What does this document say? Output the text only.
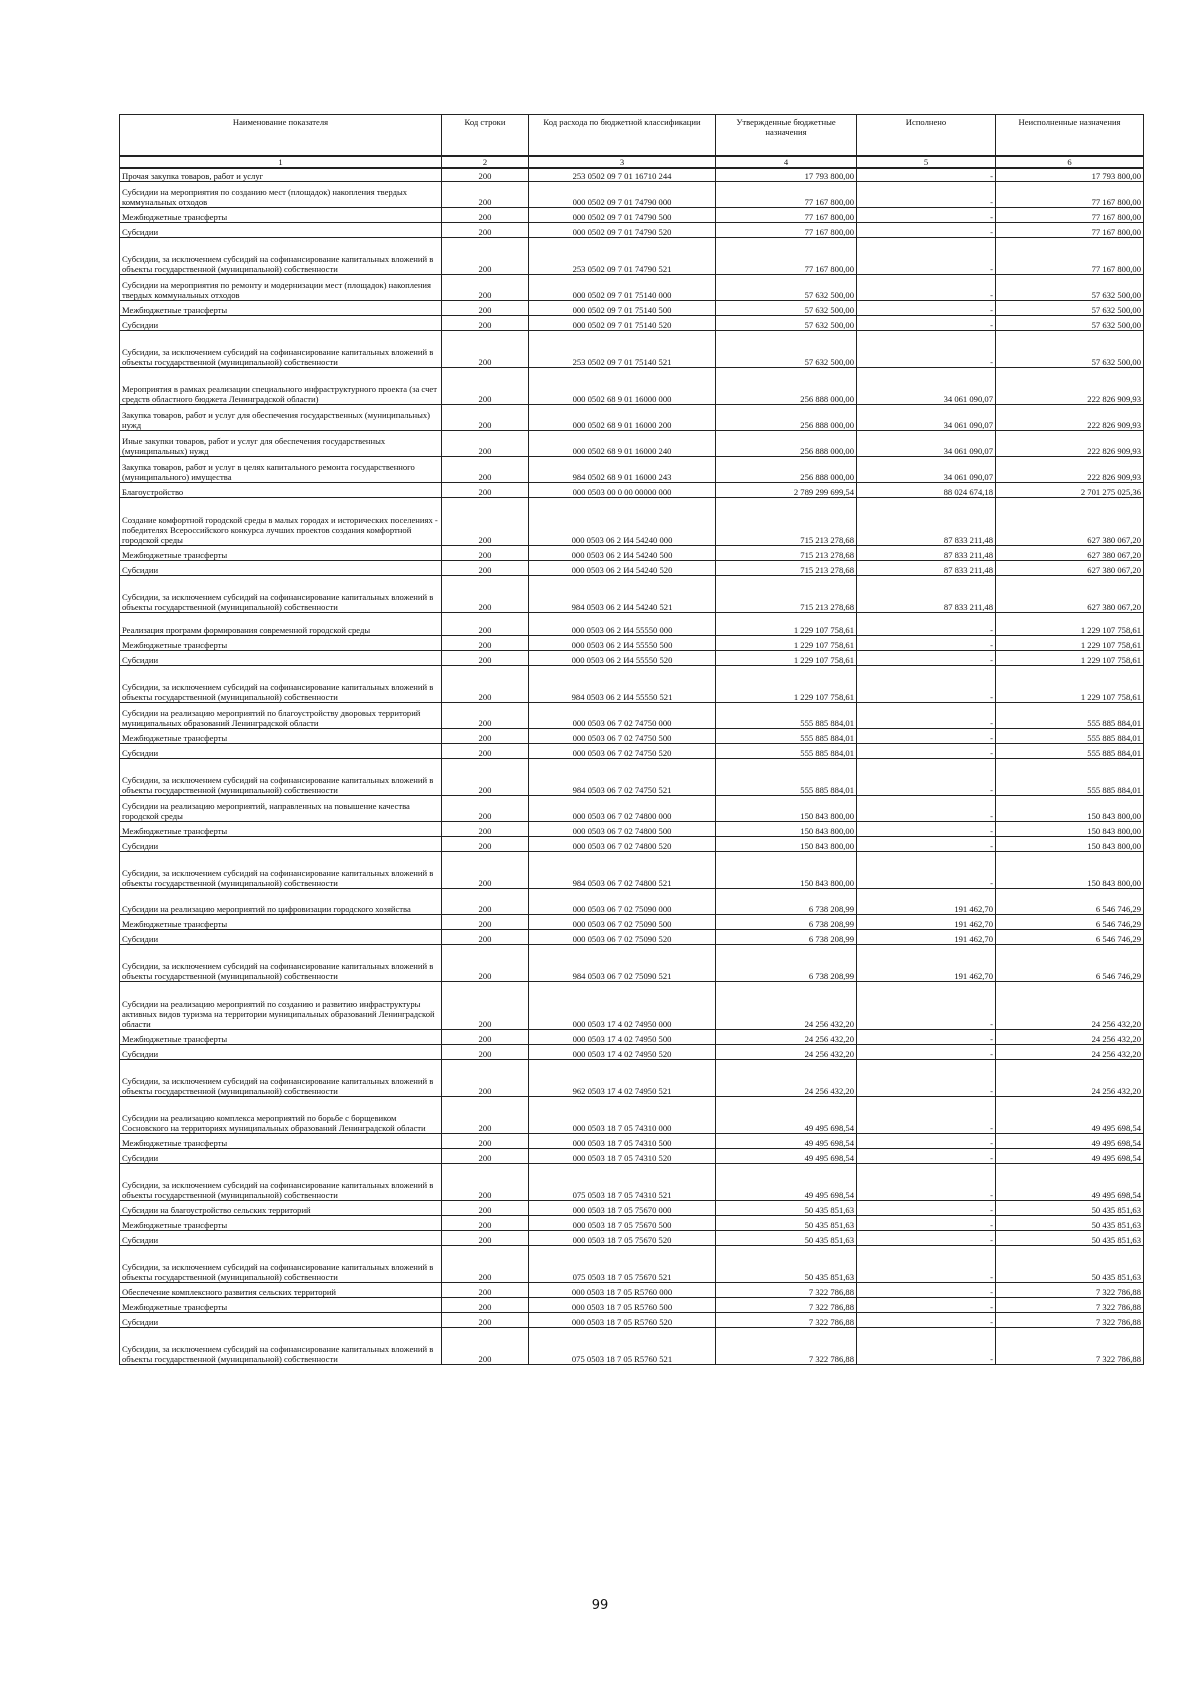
Наименование показателя	Код строки	Код расхода по бюджетной классификации	Утвержденные бюджетные назначения	Исполнено	Неисполненные назначения
1	2	3	4	5	6
Прочая закупка товаров, работ и услуг	200	253 0502 09 7 01 16710 244	17 793 800,00	-	17 793 800,00
Субсидии на мероприятия по созданию мест (площадок) накопления твердых коммунальных отходов	200	000 0502 09 7 01 74790 000	77 167 800,00	-	77 167 800,00
Межбюджетные трансферты	200	000 0502 09 7 01 74790 500	77 167 800,00	-	77 167 800,00
Субсидии	200	000 0502 09 7 01 74790 520	77 167 800,00	-	77 167 800,00
Субсидии, за исключением субсидий на софинансирование капитальных вложений в объекты государственной (муниципальной) собственности	200	253 0502 09 7 01 74790 521	77 167 800,00	-	77 167 800,00
Субсидии на мероприятия по ремонту и модернизации мест (площадок) накопления твердых коммунальных отходов	200	000 0502 09 7 01 75140 000	57 632 500,00	-	57 632 500,00
Межбюджетные трансферты	200	000 0502 09 7 01 75140 500	57 632 500,00	-	57 632 500,00
Субсидии	200	000 0502 09 7 01 75140 520	57 632 500,00	-	57 632 500,00
Субсидии, за исключением субсидий на софинансирование капитальных вложений в объекты государственной (муниципальной) собственности	200	253 0502 09 7 01 75140 521	57 632 500,00	-	57 632 500,00
Мероприятия в рамках реализации специального инфраструктурного проекта (за счет средств областного бюджета Ленинградской области)	200	000 0502 68 9 01 16000 000	256 888 000,00	34 061 090,07	222 826 909,93
Закупка товаров, работ и услуг для обеспечения государственных (муниципальных) нужд	200	000 0502 68 9 01 16000 200	256 888 000,00	34 061 090,07	222 826 909,93
Иные закупки товаров, работ и услуг для обеспечения государственных (муниципальных) нужд	200	000 0502 68 9 01 16000 240	256 888 000,00	34 061 090,07	222 826 909,93
Закупка товаров, работ и услуг в целях капитального ремонта государственного (муниципального) имущества	200	984 0502 68 9 01 16000 243	256 888 000,00	34 061 090,07	222 826 909,93
Благоустройство	200	000 0503 00 0 00 00000 000	2 789 299 699,54	88 024 674,18	2 701 275 025,36
Создание комфортной городской среды в малых городах и исторических поселениях - победителях Всероссийского конкурса лучших проектов создания комфортной городской среды	200	000 0503 06 2 И4 54240 000	715 213 278,68	87 833 211,48	627 380 067,20
Межбюджетные трансферты	200	000 0503 06 2 И4 54240 500	715 213 278,68	87 833 211,48	627 380 067,20
Субсидии	200	000 0503 06 2 И4 54240 520	715 213 278,68	87 833 211,48	627 380 067,20
Субсидии, за исключением субсидий на софинансирование капитальных вложений в объекты государственной (муниципальной) собственности	200	984 0503 06 2 И4 54240 521	715 213 278,68	87 833 211,48	627 380 067,20
Реализация программ формирования современной городской среды	200	000 0503 06 2 И4 55550 000	1 229 107 758,61	-	1 229 107 758,61
Межбюджетные трансферты	200	000 0503 06 2 И4 55550 500	1 229 107 758,61	-	1 229 107 758,61
Субсидии	200	000 0503 06 2 И4 55550 520	1 229 107 758,61	-	1 229 107 758,61
Субсидии, за исключением субсидий на софинансирование капитальных вложений в объекты государственной (муниципальной) собственности	200	984 0503 06 2 И4 55550 521	1 229 107 758,61	-	1 229 107 758,61
Субсидии на реализацию мероприятий по благоустройству дворовых территорий муниципальных образований Ленинградской области	200	000 0503 06 7 02 74750 000	555 885 884,01	-	555 885 884,01
Межбюджетные трансферты	200	000 0503 06 7 02 74750 500	555 885 884,01	-	555 885 884,01
Субсидии	200	000 0503 06 7 02 74750 520	555 885 884,01	-	555 885 884,01
Субсидии, за исключением субсидий на софинансирование капитальных вложений в объекты государственной (муниципальной) собственности	200	984 0503 06 7 02 74750 521	555 885 884,01	-	555 885 884,01
Субсидии на реализацию мероприятий, направленных на повышение качества городской среды	200	000 0503 06 7 02 74800 000	150 843 800,00	-	150 843 800,00
Межбюджетные трансферты	200	000 0503 06 7 02 74800 500	150 843 800,00	-	150 843 800,00
Субсидии	200	000 0503 06 7 02 74800 520	150 843 800,00	-	150 843 800,00
Субсидии, за исключением субсидий на софинансирование капитальных вложений в объекты государственной (муниципальной) собственности	200	984 0503 06 7 02 74800 521	150 843 800,00	-	150 843 800,00
Субсидии на реализацию мероприятий по цифровизации городского хозяйства	200	000 0503 06 7 02 75090 000	6 738 208,99	191 462,70	6 546 746,29
Межбюджетные трансферты	200	000 0503 06 7 02 75090 500	6 738 208,99	191 462,70	6 546 746,29
Субсидии	200	000 0503 06 7 02 75090 520	6 738 208,99	191 462,70	6 546 746,29
Субсидии, за исключением субсидий на софинансирование капитальных вложений в объекты государственной (муниципальной) собственности	200	984 0503 06 7 02 75090 521	6 738 208,99	191 462,70	6 546 746,29
Субсидии на реализацию мероприятий по созданию и развитию инфраструктуры активных видов туризма на территории муниципальных образований Ленинградской области	200	000 0503 17 4 02 74950 000	24 256 432,20	-	24 256 432,20
Межбюджетные трансферты	200	000 0503 17 4 02 74950 500	24 256 432,20	-	24 256 432,20
Субсидии	200	000 0503 17 4 02 74950 520	24 256 432,20	-	24 256 432,20
Субсидии, за исключением субсидий на софинансирование капитальных вложений в объекты государственной (муниципальной) собственности	200	962 0503 17 4 02 74950 521	24 256 432,20	-	24 256 432,20
Субсидии на реализацию комплекса мероприятий по борьбе с борщевиком Сосновского на территориях муниципальных образований Ленинградской области	200	000 0503 18 7 05 74310 000	49 495 698,54	-	49 495 698,54
Межбюджетные трансферты	200	000 0503 18 7 05 74310 500	49 495 698,54	-	49 495 698,54
Субсидии	200	000 0503 18 7 05 74310 520	49 495 698,54	-	49 495 698,54
Субсидии, за исключением субсидий на софинансирование капитальных вложений в объекты государственной (муниципальной) собственности	200	075 0503 18 7 05 74310 521	49 495 698,54	-	49 495 698,54
Субсидии на благоустройство сельских территорий	200	000 0503 18 7 05 75670 000	50 435 851,63	-	50 435 851,63
Межбюджетные трансферты	200	000 0503 18 7 05 75670 500	50 435 851,63	-	50 435 851,63
Субсидии	200	000 0503 18 7 05 75670 520	50 435 851,63	-	50 435 851,63
Субсидии, за исключением субсидий на софинансирование капитальных вложений в объекты государственной (муниципальной) собственности	200	075 0503 18 7 05 75670 521	50 435 851,63	-	50 435 851,63
Обеспечение комплексного развития сельских территорий	200	000 0503 18 7 05 R5760 000	7 322 786,88	-	7 322 786,88
Межбюджетные трансферты	200	000 0503 18 7 05 R5760 500	7 322 786,88	-	7 322 786,88
Субсидии	200	000 0503 18 7 05 R5760 520	7 322 786,88	-	7 322 786,88
Субсидии, за исключением субсидий на софинансирование капитальных вложений в объекты государственной (муниципальной) собственности	200	075 0503 18 7 05 R5760 521	7 322 786,88	-	7 322 786,88
99
